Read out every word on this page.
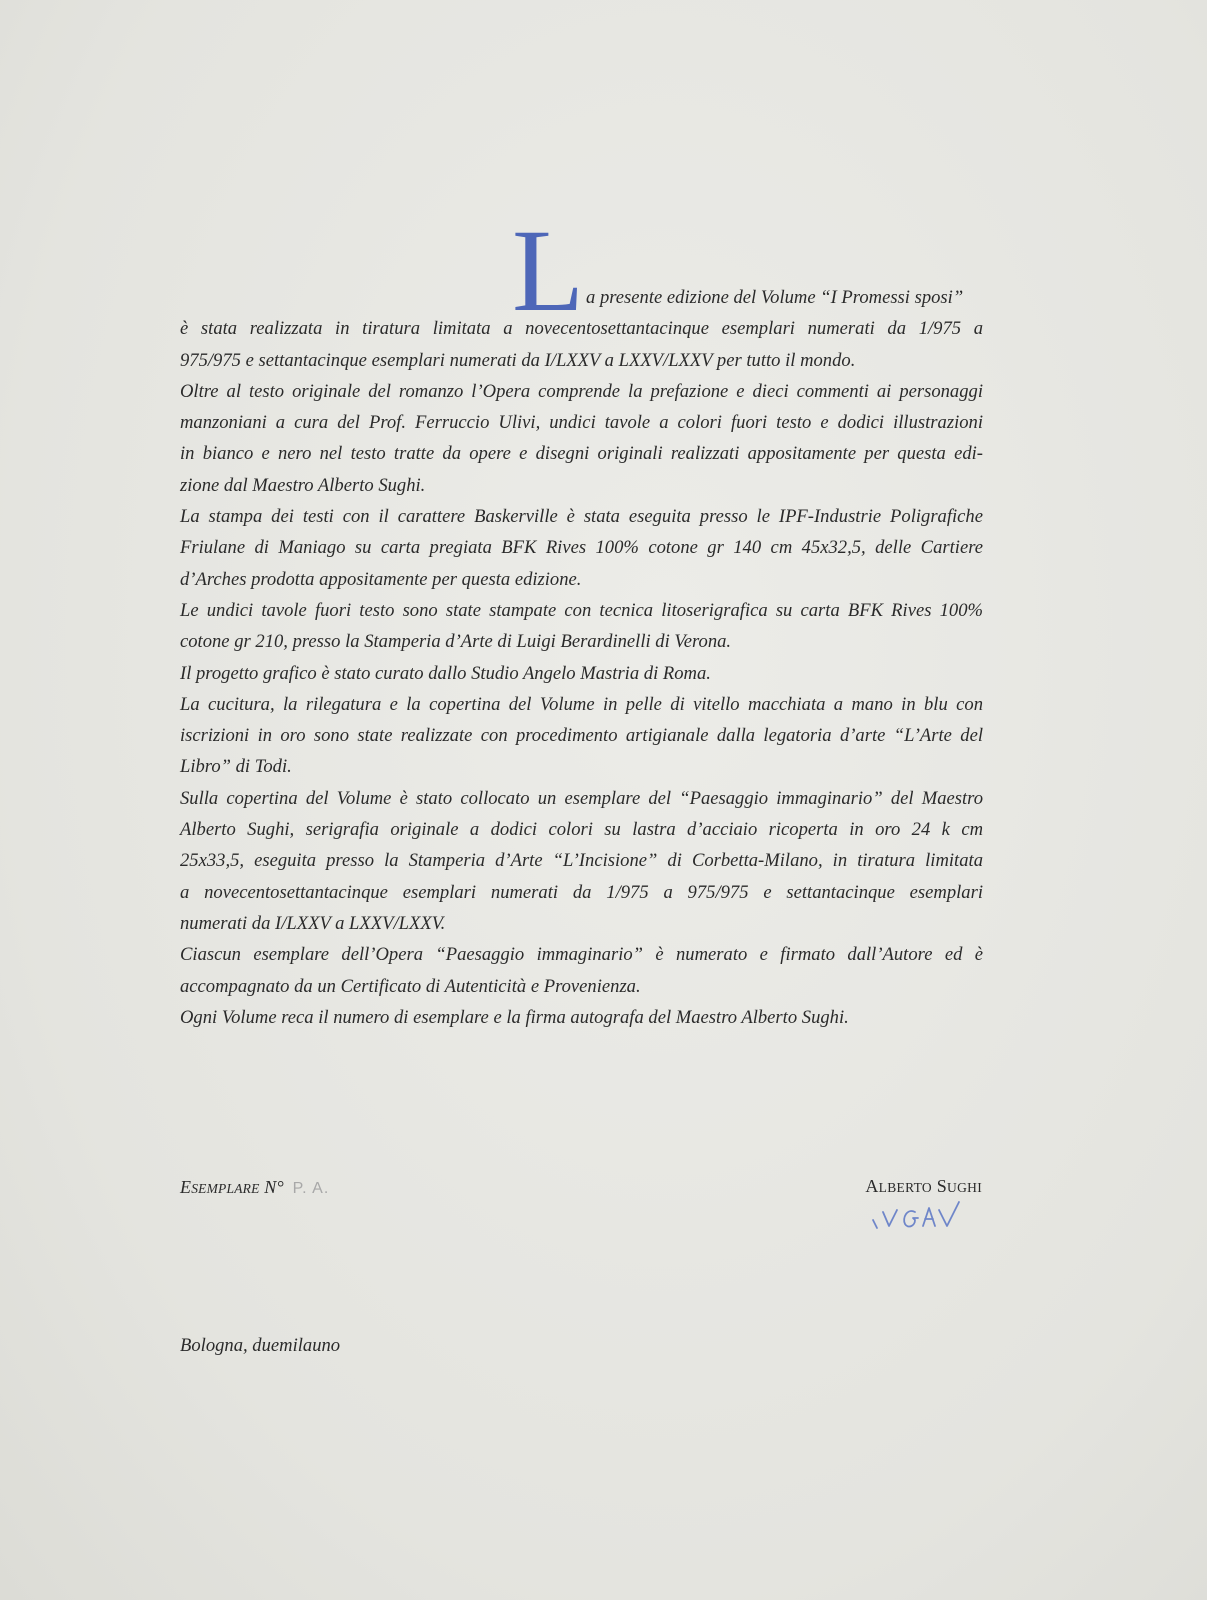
L a presente edizione del Volume “I Promessi sposi”
è stata realizzata in tiratura limitata a novecentosettantacinque esemplari numerati da 1/975 a
975/975 e settantacinque esemplari numerati da I/LXXV a LXXV/LXXV per tutto il mondo.
Oltre al testo originale del romanzo l’Opera comprende la prefazione e dieci commenti ai personaggi
manzoniani a cura del Prof. Ferruccio Ulivi, undici tavole a colori fuori testo e dodici illustrazioni
in bianco e nero nel testo tratte da opere e disegni originali realizzati appositamente per questa edi-
zione dal Maestro Alberto Sughi.
La stampa dei testi con il carattere Baskerville è stata eseguita presso le IPF-Industrie Poligrafiche
Friulane di Maniago su carta pregiata BFK Rives 100% cotone gr 140 cm 45x32,5, delle Cartiere
d’Arches prodotta appositamente per questa edizione.
Le undici tavole fuori testo sono state stampate con tecnica litoserigrafica su carta BFK Rives 100%
cotone gr 210, presso la Stamperia d’Arte di Luigi Berardinelli di Verona.
Il progetto grafico è stato curato dallo Studio Angelo Mastria di Roma.
La cucitura, la rilegatura e la copertina del Volume in pelle di vitello macchiata a mano in blu con
iscrizioni in oro sono state realizzate con procedimento artigianale dalla legatoria d’arte “L’Arte del
Libro” di Todi.
Sulla copertina del Volume è stato collocato un esemplare del “Paesaggio immaginario” del Maestro
Alberto Sughi, serigrafia originale a dodici colori su lastra d’acciaio ricoperta in oro 24 k cm
25x33,5, eseguita presso la Stamperia d’Arte “L’Incisione” di Corbetta-Milano, in tiratura limitata
a novecentosettantacinque esemplari numerati da 1/975 a 975/975 e settantacinque esemplari
numerati da I/LXXV a LXXV/LXXV.
Ciascun esemplare dell’Opera “Paesaggio immaginario” è numerato e firmato dall’Autore ed è
accompagnato da un Certificato di Autenticità e Provenienza.
Ogni Volume reca il numero di esemplare e la firma autografa del Maestro Alberto Sughi.
ESEMPLARE N° P. A.	ALBERTO SUGHI
Bologna, duemilauno
